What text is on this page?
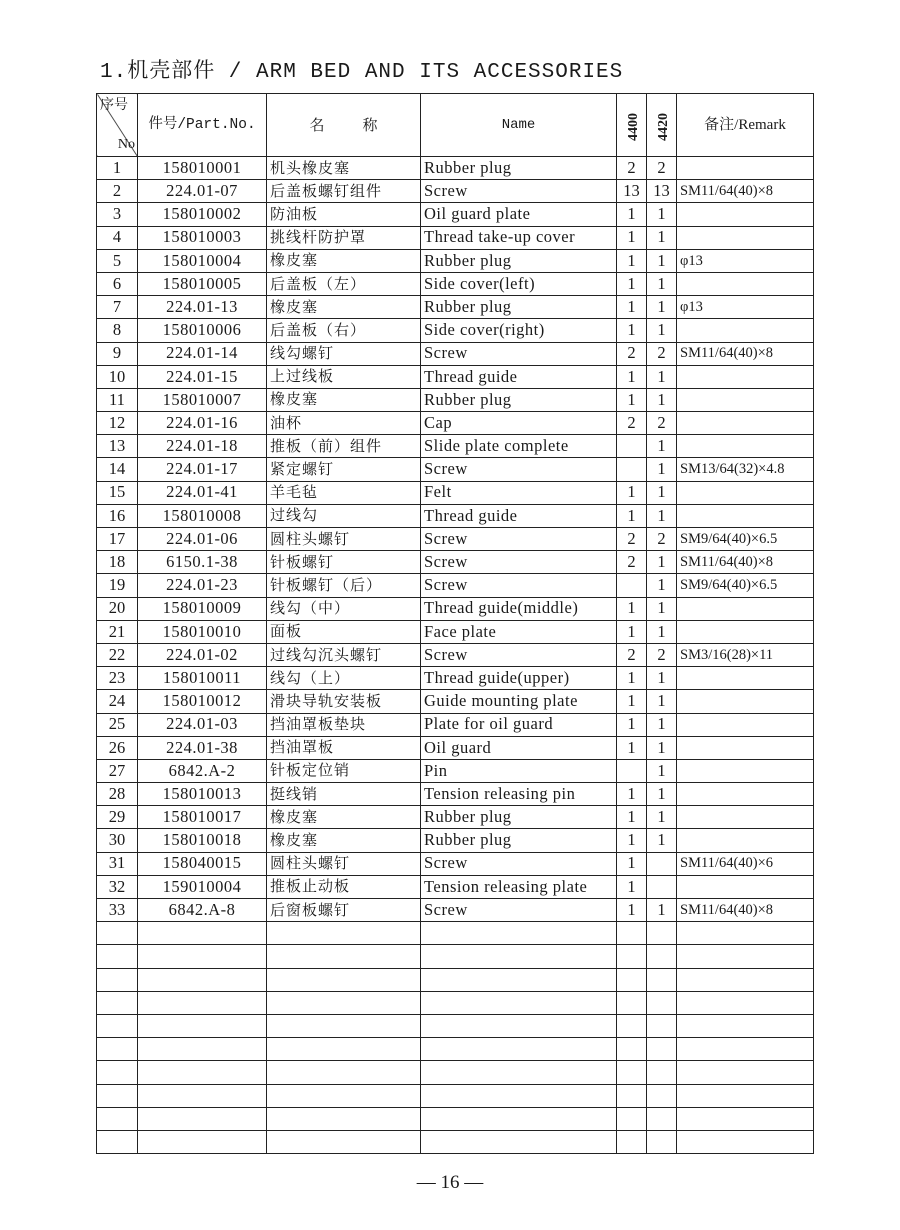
1.机壳部件 / ARM BED AND ITS ACCESSORIES
序号
No	件号/Part.No.	名 称	Name	4400	4420	备注/Remark
1	158010001	机头橡皮塞	Rubber plug	2	2	
2	224.01-07	后盖板螺钉组件	Screw	13	13	SM11/64(40)×8
3	158010002	防油板	Oil guard plate	1	1	
4	158010003	挑线杆防护罩	Thread take-up cover	1	1	
5	158010004	橡皮塞	Rubber plug	1	1	φ13
6	158010005	后盖板（左）	Side cover(left)	1	1	
7	224.01-13	橡皮塞	Rubber plug	1	1	φ13
8	158010006	后盖板（右）	Side cover(right)	1	1	
9	224.01-14	线勾螺钉	Screw	2	2	SM11/64(40)×8
10	224.01-15	上过线板	Thread guide	1	1	
11	158010007	橡皮塞	Rubber plug	1	1	
12	224.01-16	油杯	Cap	2	2	
13	224.01-18	推板（前）组件	Slide plate complete		1	
14	224.01-17	紧定螺钉	Screw		1	SM13/64(32)×4.8
15	224.01-41	羊毛毡	Felt	1	1	
16	158010008	过线勾	Thread guide	1	1	
17	224.01-06	圆柱头螺钉	Screw	2	2	SM9/64(40)×6.5
18	6150.1-38	针板螺钉	Screw	2	1	SM11/64(40)×8
19	224.01-23	针板螺钉（后）	Screw		1	SM9/64(40)×6.5
20	158010009	线勾（中）	Thread guide(middle)	1	1	
21	158010010	面板	Face plate	1	1	
22	224.01-02	过线勾沉头螺钉	Screw	2	2	SM3/16(28)×11
23	158010011	线勾（上）	Thread guide(upper)	1	1	
24	158010012	滑块导轨安装板	Guide mounting plate	1	1	
25	224.01-03	挡油罩板垫块	Plate for oil guard	1	1	
26	224.01-38	挡油罩板	Oil guard	1	1	
27	6842.A-2	针板定位销	Pin		1	
28	158010013	挺线销	Tension releasing pin	1	1	
29	158010017	橡皮塞	Rubber plug	1	1	
30	158010018	橡皮塞	Rubber plug	1	1	
31	158040015	圆柱头螺钉	Screw	1		SM11/64(40)×6
32	159010004	推板止动板	Tension releasing plate	1		
33	6842.A-8	后窗板螺钉	Screw	1	1	SM11/64(40)×8

— 16 —
